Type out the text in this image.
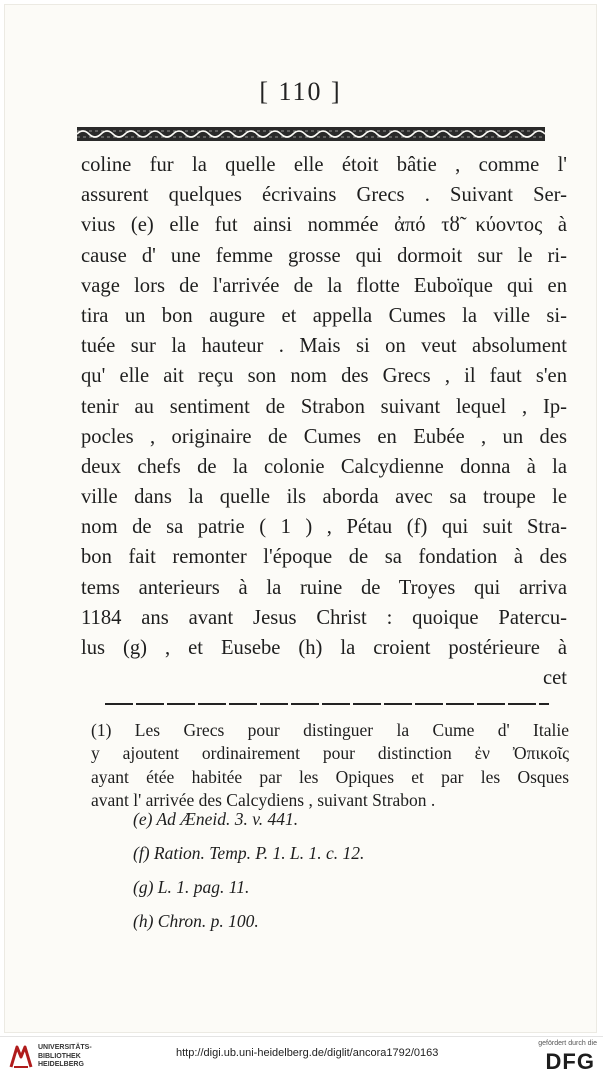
[ 110 ]
coline fur la quelle elle étoit bâtie , comme l'
assurent quelques écrivains Grecs . Suivant Ser-
vius (e) elle fut ainsi nommée ἀπό τȣ̃ κύοντος à
cause d' une femme grosse qui dormoit sur le ri-
vage lors de l'arrivée de la flotte Euboïque qui en
tira un bon augure et appella Cumes la ville si-
tuée sur la hauteur . Mais si on veut absolument
qu' elle ait reçu son nom des Grecs , il faut s'en
tenir au sentiment de Strabon suivant lequel , Ip-
pocles , originaire de Cumes en Eubée , un des
deux chefs de la colonie Calcydienne donna à la
ville dans la quelle ils aborda avec sa troupe le
nom de sa patrie ( 1 ) , Pétau (f) qui suit Stra-
bon fait remonter l'époque de sa fondation à des
tems anterieurs à la ruine de Troyes qui arriva
1184 ans avant Jesus Christ : quoique Patercu-
lus (g) , et Eusebe (h) la croient postérieure à
cet
(1) Les Grecs pour distinguer la Cume d' Italie
y ajoutent ordinairement pour distinction ἐν Ὀπικοῖς
ayant étée habitée par les Opiques et par les Osques
avant l' arrivée des Calcydiens , suivant Strabon .
(e) Ad Æneid. 3. v. 441.
(f) Ration. Temp. P. 1. L. 1. c. 12.
(g) L. 1. pag. 11.
(h) Chron. p. 100.
UNIVERSITÄTS-
BIBLIOTHEK
HEIDELBERG
http://digi.ub.uni-heidelberg.de/diglit/ancora1792/0163
gefördert durch die
DFG
